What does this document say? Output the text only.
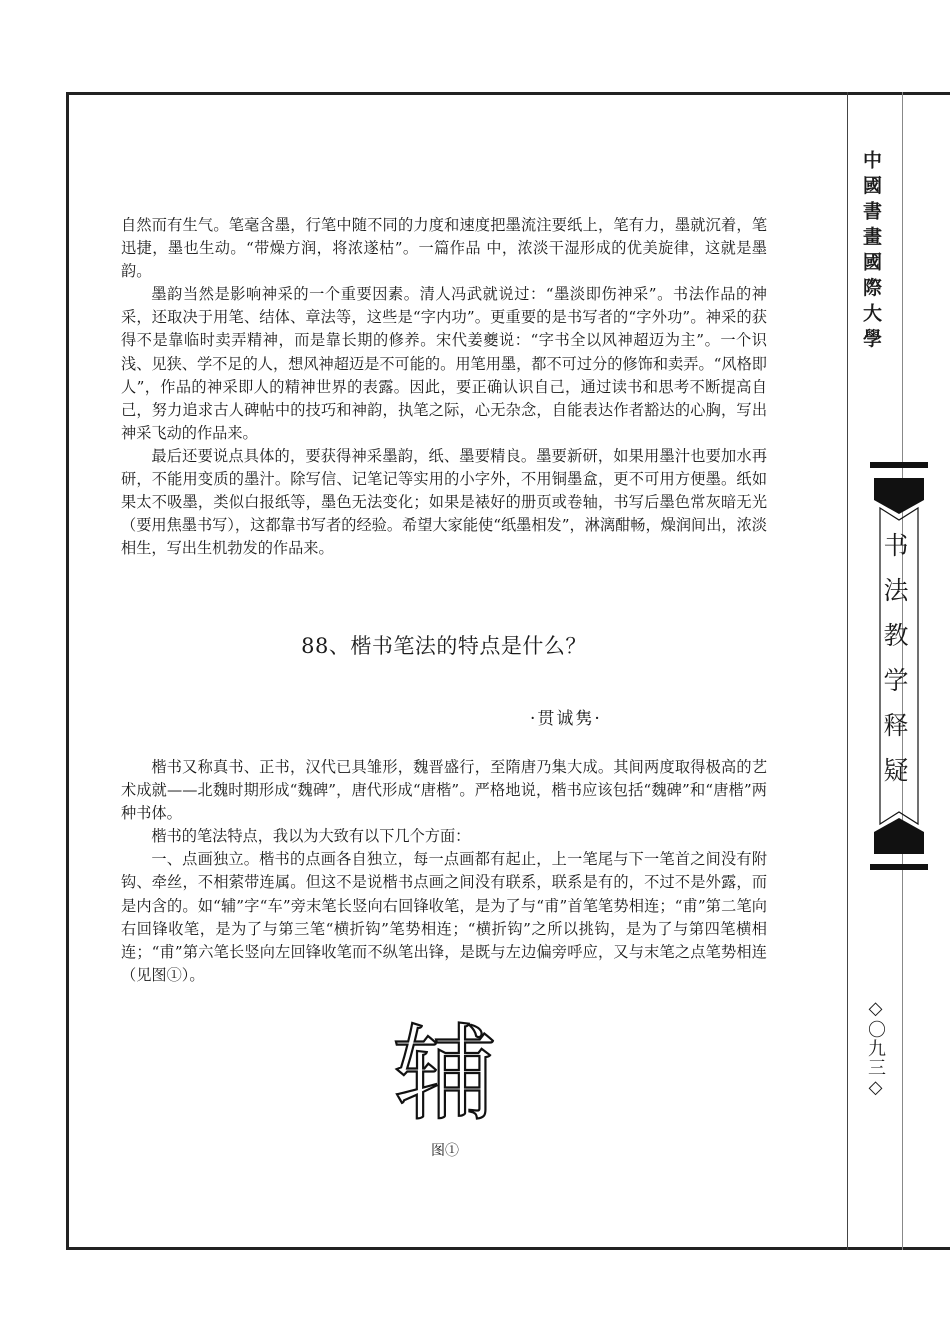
自然而有生气。笔毫含墨，行笔中随不同的力度和速度把墨流注要纸上，笔有力，墨就沉着，笔迅捷，墨也生动。“带燥方润，将浓遂枯”。一篇作品 中，浓淡干湿形成的优美旋律，这就是墨韵。

墨韵当然是影响神采的一个重要因素。清人冯武就说过：“墨淡即伤神采”。书法作品的神采，还取决于用笔、结体、章法等，这些是“字内功”。更重要的是书写者的“字外功”。神采的获得不是靠临时卖弄精神，而是靠长期的修养。宋代姜夔说：“字书全以风神超迈为主”。一个识浅、见狭、学不足的人，想风神超迈是不可能的。用笔用墨，都不可过分的修饰和卖弄。“风格即人”，作品的神采即人的精神世界的表露。因此，要正确认识自己，通过读书和思考不断提高自己，努力追求古人碑帖中的技巧和神韵，执笔之际，心无杂念，自能表达作者豁达的心胸，写出神采飞动的作品来。

最后还要说点具体的，要获得神采墨韵，纸、墨要精良。墨要新研，如果用墨汁也要加水再研，不能用变质的墨汁。除写信、记笔记等实用的小字外，不用铜墨盒，更不可用方便墨。纸如果太不吸墨，类似白报纸等，墨色无法变化；如果是裱好的册页或卷轴，书写后墨色常灰暗无光（要用焦墨书写），这都靠书写者的经验。希望大家能使“纸墨相发”，淋漓酣畅，燥润间出，浓淡相生，写出生机勃发的作品来。

88、楷书笔法的特点是什么？
·贯诚隽·

楷书又称真书、正书，汉代已具雏形，魏晋盛行，至隋唐乃集大成。其间两度取得极高的艺术成就——北魏时期形成“魏碑”，唐代形成“唐楷”。严格地说，楷书应该包括“魏碑”和“唐楷”两种书体。

楷书的笔法特点，我以为大致有以下几个方面：

一、点画独立。楷书的点画各自独立，每一点画都有起止，上一笔尾与下一笔首之间没有附钩、牵丝，不相萦带连属。但这不是说楷书点画之间没有联系，联系是有的，不过不是外露，而是内含的。如“辅”字“车”旁末笔长竖向右回锋收笔，是为了与“甫”首笔笔势相连；“甫”第二笔向右回锋收笔，是为了与第三笔“横折钩”笔势相连；“横折钩”之所以挑钩，是为了与第四笔横相连；“甫”第六笔长竖向左回锋收笔而不纵笔出锋，是既与左边偏旁呼应，又与末笔之点笔势相连（见图①）。

辅
图①
中國書畫國際大學
书法教学释疑
◇〇九三◇
